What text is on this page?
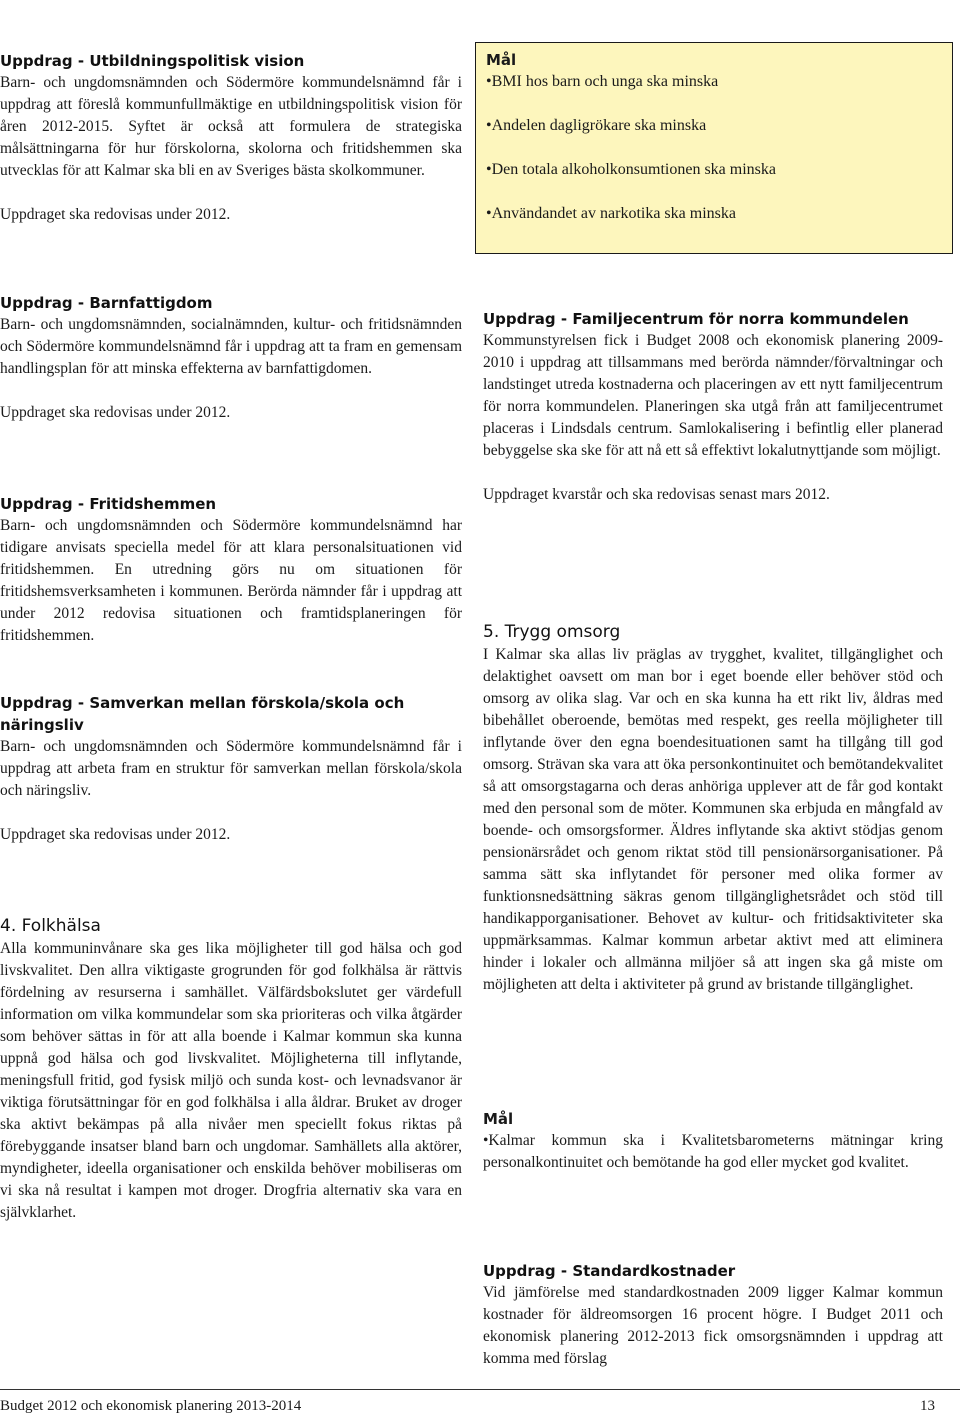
Uppdrag - Utbildningspolitisk vision

Barn- och ungdomsnämnden och Södermöre kommundelsnämnd får i uppdrag att föreslå kommunfullmäktige en utbildningspolitisk vision för åren 2012-2015. Syftet är också att formulera de strategiska målsättningarna för hur förskolorna, skolorna och fritidshemmen ska utvecklas för att Kalmar ska bli en av Sveriges bästa skolkommuner.

Uppdraget ska redovisas under 2012.

Uppdrag - Barnfattigdom

Barn- och ungdomsnämnden, socialnämnden, kultur- och fritidsnämnden och Södermöre kommundelsnämnd får i uppdrag att ta fram en gemensam handlingsplan för att minska effekterna av barnfattigdomen.

Uppdraget ska redovisas under 2012.

Uppdrag - Fritidshemmen

Barn- och ungdomsnämnden och Södermöre kommundelsnämnd har tidigare anvisats speciella medel för att klara personalsituationen vid fritidshemmen. En utredning görs nu om situationen för fritidshemsverksamheten i kommunen. Berörda nämnder får i uppdrag att under 2012 redovisa situationen och framtidsplaneringen för fritidshemmen.

Uppdrag - Samverkan mellan förskola/skola och näringsliv

Barn- och ungdomsnämnden och Södermöre kommundelsnämnd får i uppdrag att arbeta fram en struktur för samverkan mellan förskola/skola och näringsliv.

Uppdraget ska redovisas under 2012.

4. Folkhälsa

Alla kommuninvånare ska ges lika möjligheter till god hälsa och god livskvalitet. Den allra viktigaste grogrunden för god folkhälsa är rättvis fördelning av resurserna i samhället. Välfärdsbokslutet ger värdefull information om vilka kommundelar som ska prioriteras och vilka åtgärder som behöver sättas in för att alla boende i Kalmar kommun ska kunna uppnå god hälsa och god livskvalitet. Möjligheterna till inflytande, meningsfull fritid, god fysisk miljö och sunda kost- och levnadsvanor är viktiga förutsättningar för en god folkhälsa i alla åldrar. Bruket av droger ska aktivt bekämpas på alla nivåer men speciellt fokus riktas på förebyggande insatser bland barn och ungdomar. Samhällets alla aktörer, myndigheter, ideella organisationer och enskilda behöver mobiliseras om vi ska nå resultat i kampen mot droger. Drogfria alternativ ska vara en självklarhet.

Mål
•BMI hos barn och unga ska minska
•Andelen dagligrökare ska minska
•Den totala alkoholkonsumtionen ska minska
•Användandet av narkotika ska minska
Uppdrag - Familjecentrum för norra kommundelen

Kommunstyrelsen fick i Budget 2008 och ekonomisk planering 2009-2010 i uppdrag att tillsammans med berörda nämnder/förvaltningar och landstinget utreda kostnaderna och placeringen av ett nytt familjecentrum för norra kommundelen. Planeringen ska utgå från att familjecentrumet placeras i Lindsdals centrum. Samlokalisering i befintlig eller planerad bebyggelse ska ske för att nå ett så effektivt lokalutnyttjande som möjligt.

Uppdraget kvarstår och ska redovisas senast mars 2012.

5. Trygg omsorg

I Kalmar ska allas liv präglas av trygghet, kvalitet, tillgänglighet och delaktighet oavsett om man bor i eget boende eller behöver stöd och omsorg av olika slag. Var och en ska kunna ha ett rikt liv, åldras med bibehållet oberoende, bemötas med respekt, ges reella möjligheter till inflytande över den egna boendesituationen samt ha tillgång till god omsorg. Strävan ska vara att öka personkontinuitet och bemötandekvalitet så att omsorgstagarna och deras anhöriga upplever att de får god kontakt med den personal som de möter. Kommunen ska erbjuda en mångfald av boende- och omsorgsformer. Äldres inflytande ska aktivt stödjas genom pensionärsrådet och genom riktat stöd till pensionärsorganisationer. På samma sätt ska inflytandet för personer med olika former av funktionsnedsättning säkras genom tillgänglighetsrådet och stöd till handikapporganisationer. Behovet av kultur- och fritidsaktiviteter ska uppmärksammas. Kalmar kommun arbetar aktivt med att eliminera hinder i lokaler och allmänna miljöer så att ingen ska gå miste om möjligheten att delta i aktiviteter på grund av bristande tillgänglighet.

Mål

•Kalmar kommun ska i Kvalitetsbarometerns mätningar kring personalkontinuitet och bemötande ha god eller mycket god kvalitet.

Uppdrag - Standardkostnader

Vid jämförelse med standardkostnaden 2009 ligger Kalmar kommun kostnader för äldreomsorgen 16 procent högre. I Budget 2011 och ekonomisk planering 2012-2013 fick omsorgsnämnden i uppdrag att komma med förslag

Budget 2012 och ekonomisk planering 2013-2014	13
